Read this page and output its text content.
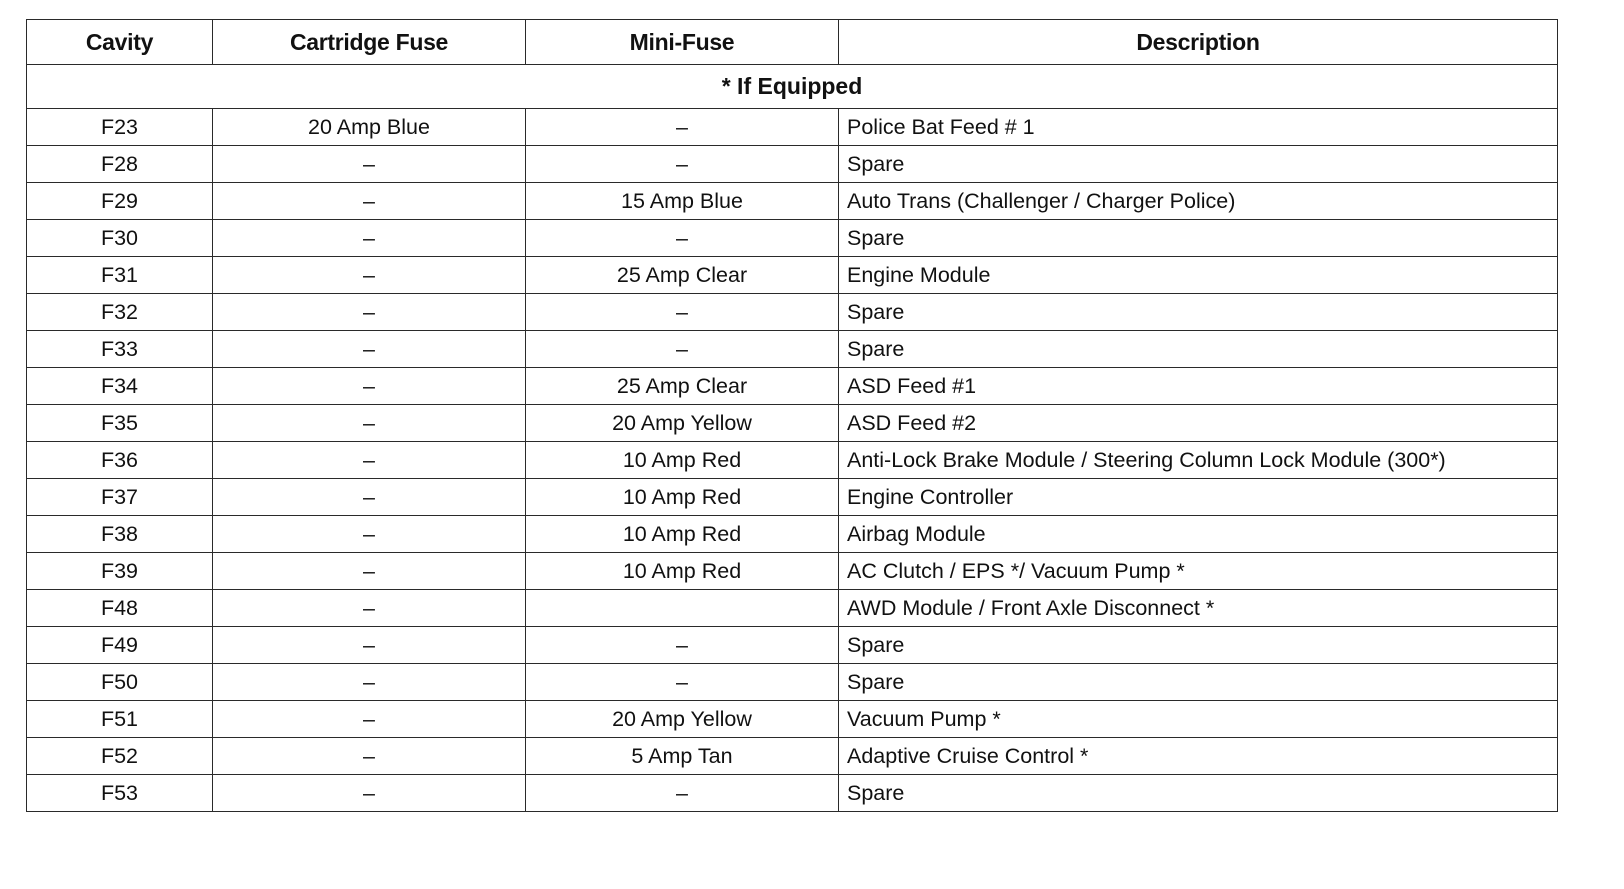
Cavity	Cartridge Fuse	Mini-Fuse	Description
* If Equipped			
F23	20 Amp Blue	–	Police Bat Feed # 1
F28	–	–	Spare
F29	–	15 Amp Blue	Auto Trans (Challenger / Charger Police)
F30	–	–	Spare
F31	–	25 Amp Clear	Engine Module
F32	–	–	Spare
F33	–	–	Spare
F34	–	25 Amp Clear	ASD Feed #1
F35	–	20 Amp Yellow	ASD Feed #2
F36	–	10 Amp Red	Anti-Lock Brake Module / Steering Column Lock Module (300*)
F37	–	10 Amp Red	Engine Controller
F38	–	10 Amp Red	Airbag Module
F39	–	10 Amp Red	AC Clutch / EPS */ Vacuum Pump *
F48	–		AWD Module / Front Axle Disconnect *
F49	–	–	Spare
F50	–	–	Spare
F51	–	20 Amp Yellow	Vacuum Pump *
F52	–	5 Amp Tan	Adaptive Cruise Control *
F53	–	–	Spare
